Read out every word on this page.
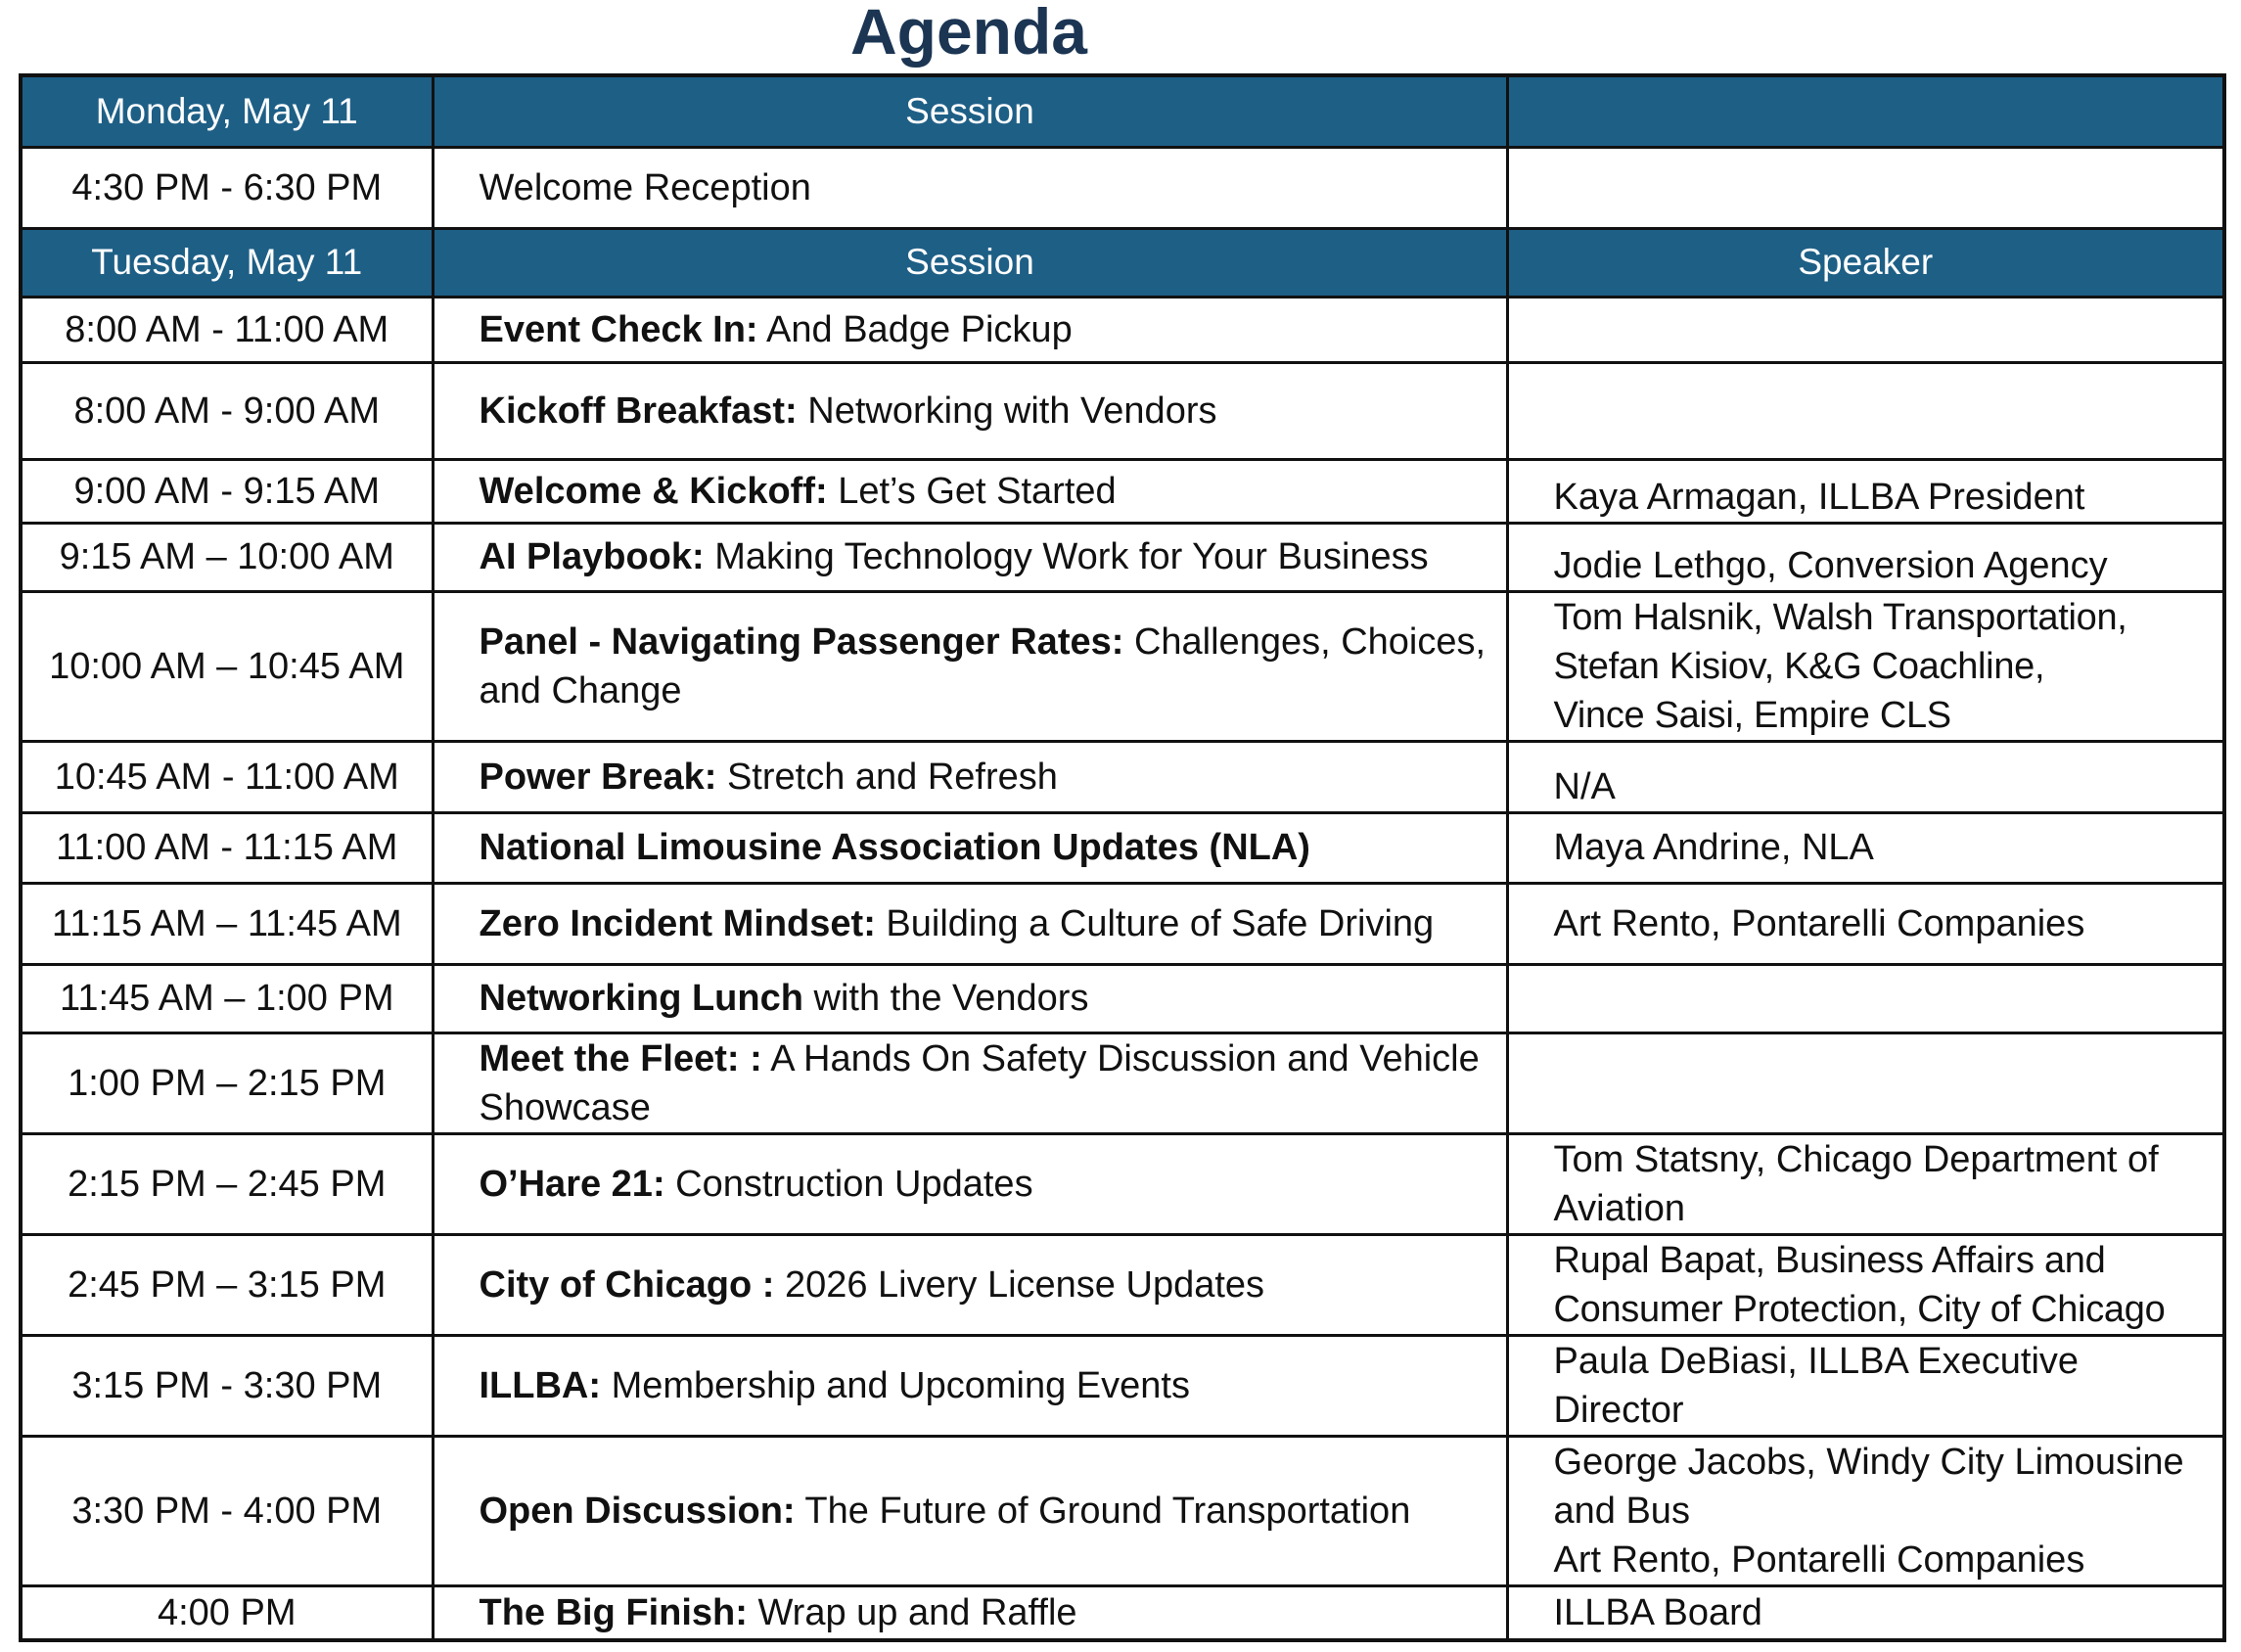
Agenda
Monday, May 11	Session	
4:30 PM - 6:30 PM	Welcome Reception	
Tuesday, May 11	Session	Speaker
8:00 AM - 11:00 AM	Event Check In: And Badge Pickup	
8:00 AM - 9:00 AM	Kickoff Breakfast: Networking with Vendors	
9:00 AM - 9:15 AM	Welcome & Kickoff: Let’s Get Started	Kaya Armagan, ILLBA President
9:15 AM – 10:00 AM	AI Playbook: Making Technology Work for Your Business	Jodie Lethgo, Conversion Agency
10:00 AM – 10:45 AM	Panel - Navigating Passenger Rates: Challenges, Choices, and Change	Tom Halsnik, Walsh Transportation,
Stefan Kisiov, K&G Coachline,
Vince Saisi, Empire CLS
10:45 AM - 11:00 AM	Power Break: Stretch and Refresh	N/A
11:00 AM - 11:15 AM	National Limousine Association Updates (NLA)	Maya Andrine, NLA
11:15 AM – 11:45 AM	Zero Incident Mindset: Building a Culture of Safe Driving	Art Rento, Pontarelli Companies
11:45 AM – 1:00 PM	Networking Lunch with the Vendors	
1:00 PM – 2:15 PM	Meet the Fleet: : A Hands On Safety Discussion and Vehicle Showcase	
2:15 PM – 2:45 PM	O’Hare 21: Construction Updates	Tom Statsny, Chicago Department of Aviation
2:45 PM – 3:15 PM	City of Chicago : 2026 Livery License Updates	Rupal Bapat, Business Affairs and Consumer Protection, City of Chicago
3:15 PM - 3:30 PM	ILLBA: Membership and Upcoming Events	Paula DeBiasi, ILLBA Executive Director
3:30 PM - 4:00 PM	Open Discussion: The Future of Ground Transportation	George Jacobs, Windy City Limousine and Bus
Art Rento, Pontarelli Companies
4:00 PM	The Big Finish: Wrap up and Raffle	ILLBA Board
